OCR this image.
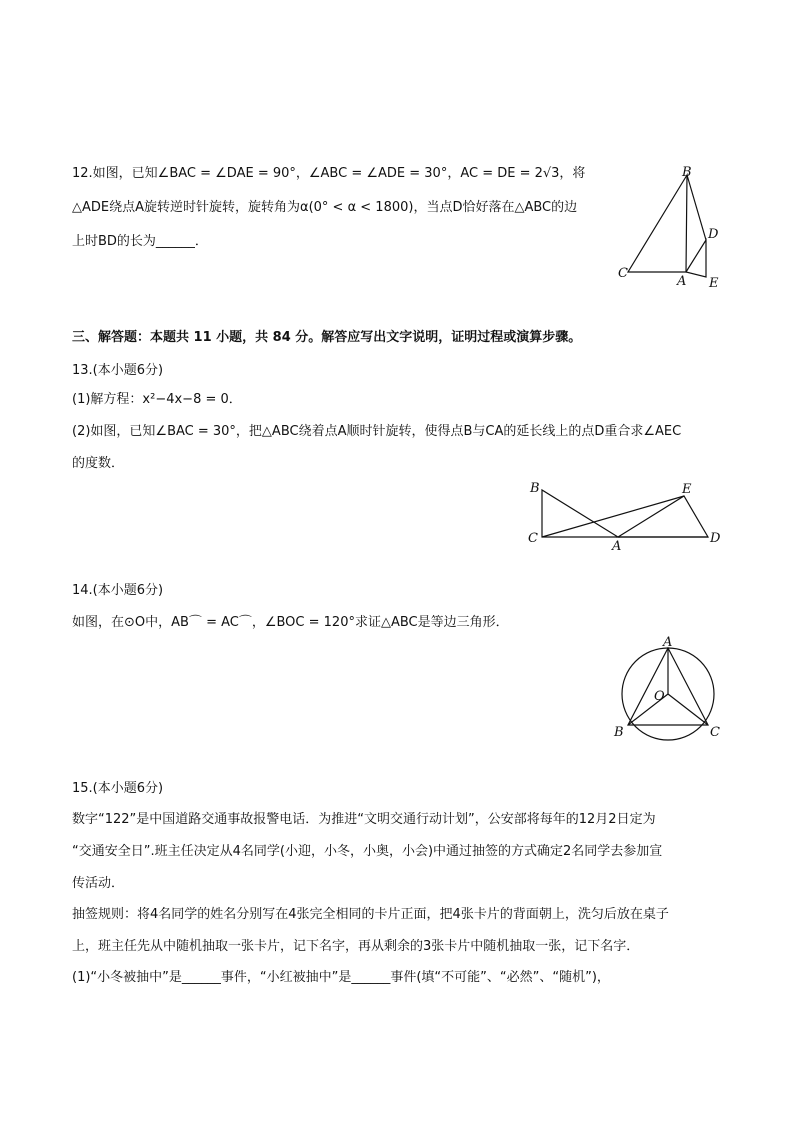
12.如图，已知∠BAC = ∠DAE = 90°，∠ABC = ∠ADE = 30°，AC = DE = 2√3，将
△ADE绕点A旋转逆时针旋转，旋转角为α(0° < α < 1800)，当点D恰好落在△ABC的边
上时BD的长为______．
B
C
A
D
E
三、解答题：本题共 11 小题，共 84 分。解答应写出文字说明，证明过程或演算步骤。
13.(本小题6分)
(1)解方程：x²−4x−8 = 0．
(2)如图，已知∠BAC = 30°，把△ABC绕着点A顺时针旋转，使得点B与CA的延长线上的点D重合求∠AEC
的度数．
B
C
A
E
D
14.(本小题6分)
如图，在⊙O中，AB⌒ = AC⌒，∠BOC = 120°求证△ABC是等边三角形．
A
O
B	C
15.(本小题6分)
数字“122”是中国道路交通事故报警电话．为推进“文明交通行动计划”，公安部将每年的12月2日定为
“交通安全日”.班主任决定从4名同学(小迎，小冬，小奥，小会)中通过抽签的方式确定2名同学去参加宣
传活动．
抽签规则：将4名同学的姓名分别写在4张完全相同的卡片正面，把4张卡片的背面朝上，洗匀后放在桌子
上，班主任先从中随机抽取一张卡片，记下名字，再从剩余的3张卡片中随机抽取一张，记下名字．
(1)“小冬被抽中”是______事件，“小红被抽中”是______事件(填“不可能”、“必然”、“随机”)，
